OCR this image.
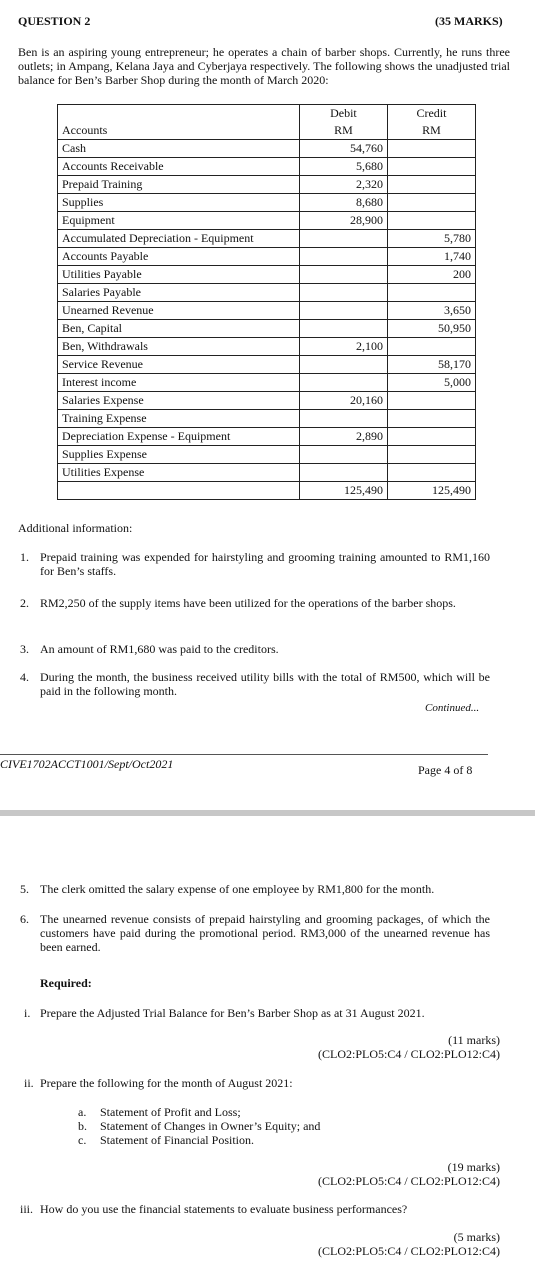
QUESTION 2	(35 MARKS)
Ben is an aspiring young entrepreneur; he operates a chain of barber shops. Currently, he runs three outlets; in Ampang, Kelana Jaya and Cyberjaya respectively. The following shows the unadjusted trial balance for Ben’s Barber Shop during the month of March 2020:
	Debit	Credit
Accounts	RM	RM
Cash	54,760	
Accounts Receivable	5,680	
Prepaid Training	2,320	
Supplies	8,680	
Equipment	28,900	
Accumulated Depreciation - Equipment		5,780
Accounts Payable		1,740
Utilities Payable		200
Salaries Payable		
Unearned Revenue		3,650
Ben, Capital		50,950
Ben, Withdrawals	2,100	
Service Revenue		58,170
Interest income		5,000
Salaries Expense	20,160	
Training Expense		
Depreciation Expense - Equipment	2,890	
Supplies Expense		
Utilities Expense		
	125,490	125,490
Additional information:
1. Prepaid training was expended for hairstyling and grooming training amounted to RM1,160 for Ben’s staffs.
2. RM2,250 of the supply items have been utilized for the operations of the barber shops.
3. An amount of RM1,680 was paid to the creditors.
4. During the month, the business received utility bills with the total of RM500, which will be paid in the following month.
Continued...
CIVE1702ACCT1001/Sept/Oct2021	Page 4 of 8
5. The clerk omitted the salary expense of one employee by RM1,800 for the month.
6. The unearned revenue consists of prepaid hairstyling and grooming packages, of which the customers have paid during the promotional period. RM3,000 of the unearned revenue has been earned.
Required:
i. Prepare the Adjusted Trial Balance for Ben’s Barber Shop as at 31 August 2021.
(11 marks)
(CLO2:PLO5:C4 / CLO2:PLO12:C4)
ii. Prepare the following for the month of August 2021:
a. Statement of Profit and Loss;
b. Statement of Changes in Owner’s Equity; and
c. Statement of Financial Position.
(19 marks)
(CLO2:PLO5:C4 / CLO2:PLO12:C4)
iii. How do you use the financial statements to evaluate business performances?
(5 marks)
(CLO2:PLO5:C4 / CLO2:PLO12:C4)
